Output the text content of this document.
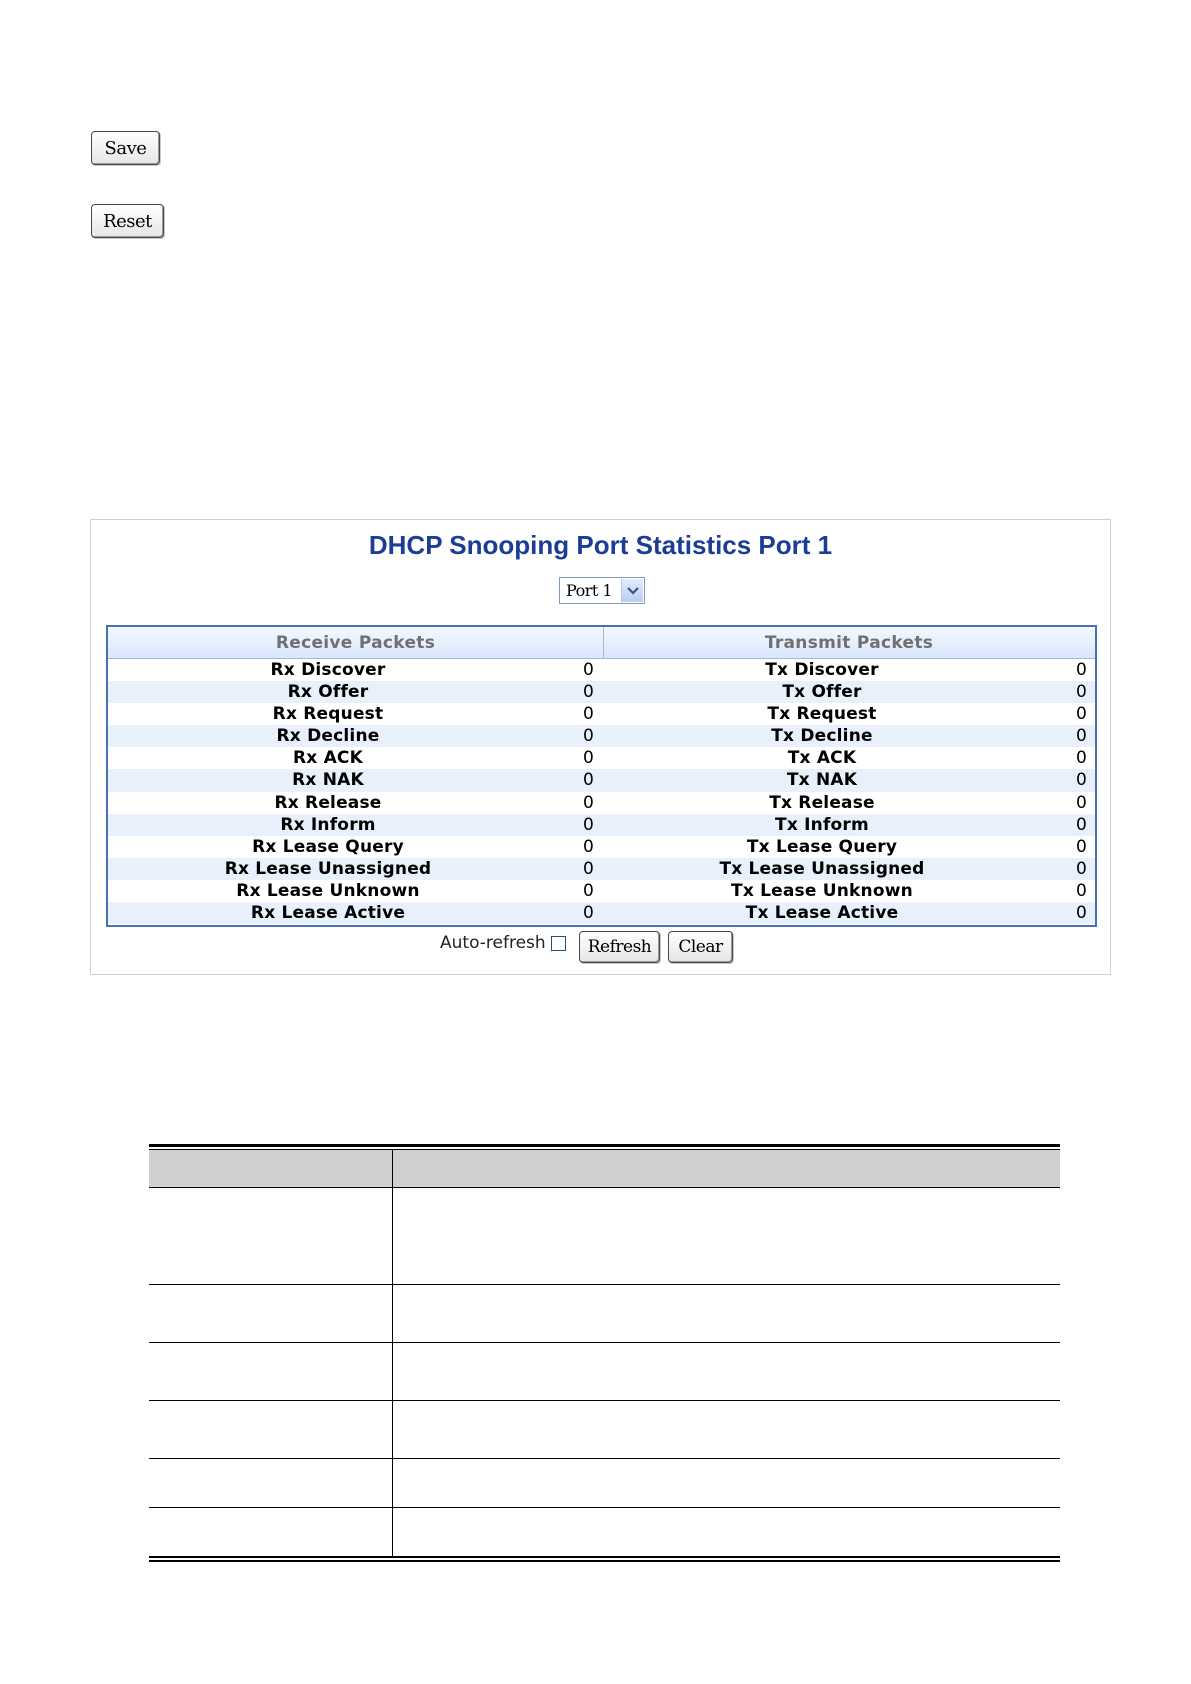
Save
Reset
DHCP Snooping Port Statistics Port 1
Port 1
Receive Packets	Transmit Packets
Rx Discover	0	Tx Discover	0
Rx Offer	0	Tx Offer	0
Rx Request	0	Tx Request	0
Rx Decline	0	Tx Decline	0
Rx ACK	0	Tx ACK	0
Rx NAK	0	Tx NAK	0
Rx Release	0	Tx Release	0
Rx Inform	0	Tx Inform	0
Rx Lease Query	0	Tx Lease Query	0
Rx Lease Unassigned	0	Tx Lease Unassigned	0
Rx Lease Unknown	0	Tx Lease Unknown	0
Rx Lease Active	0	Tx Lease Active	0
Auto-refresh	Refresh	Clear
